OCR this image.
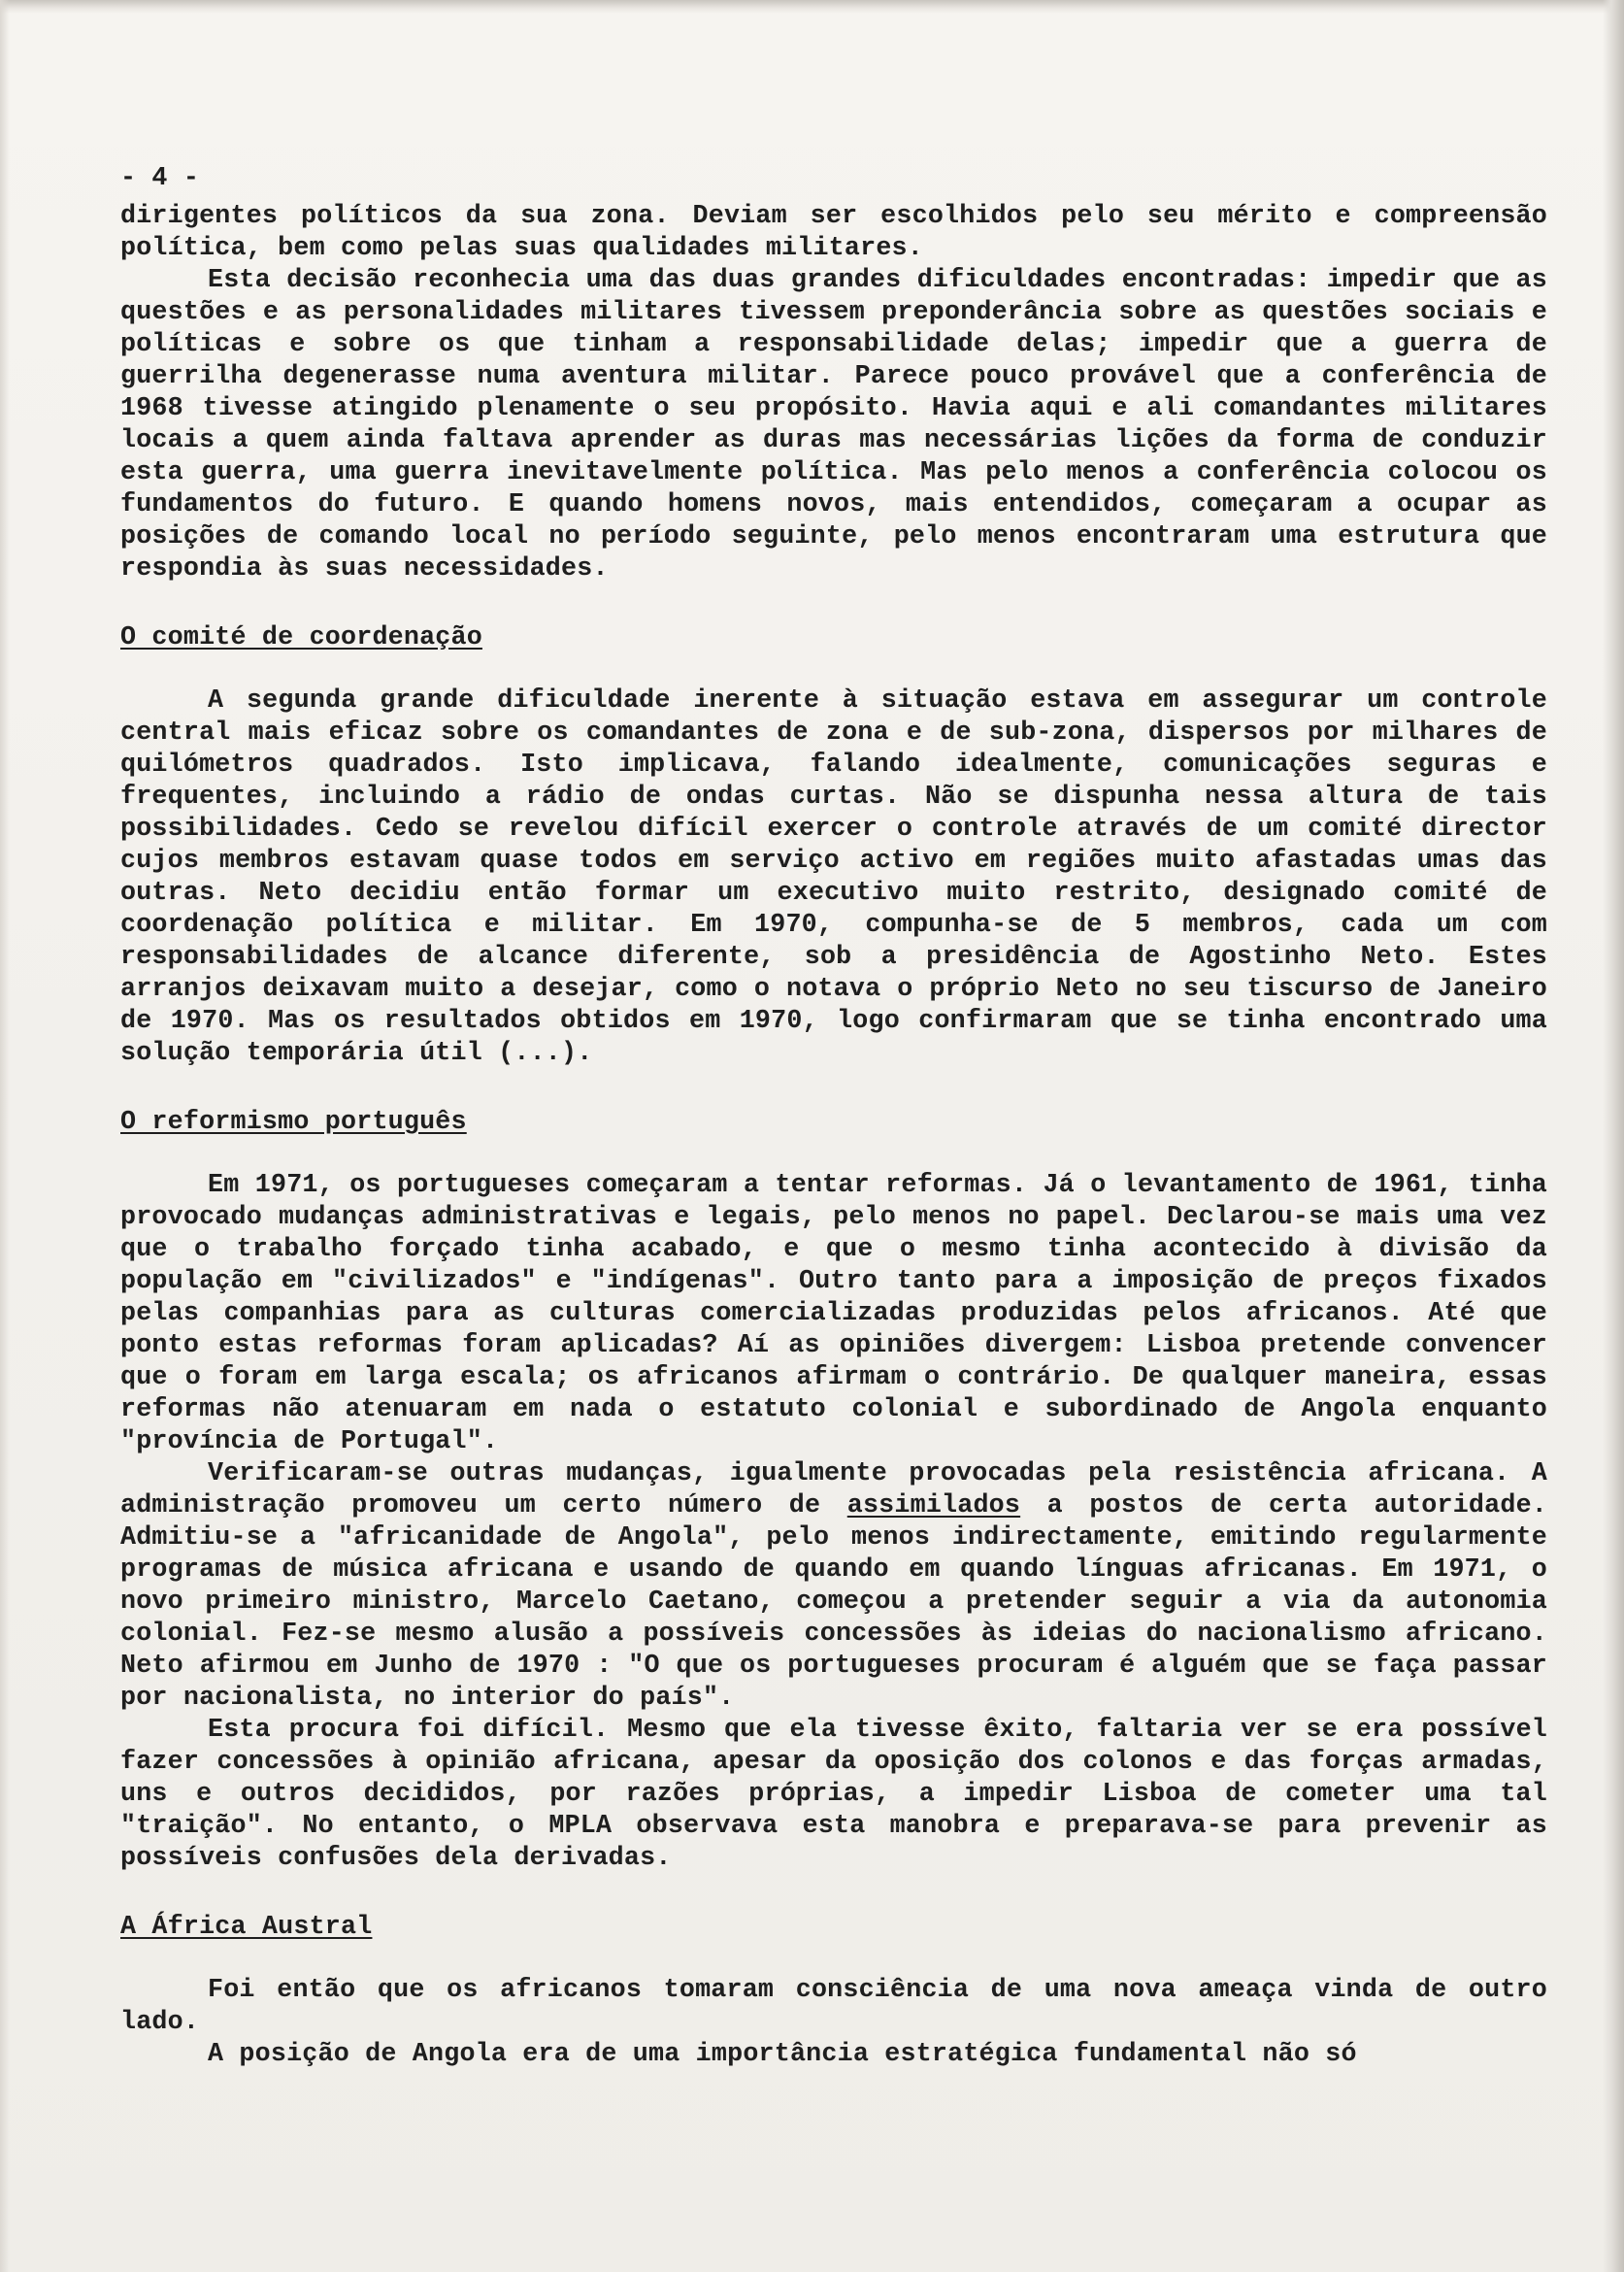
- 4 -

dirigentes políticos da sua zona. Deviam ser escolhidos pelo seu mérito e compreensão política, bem como pelas suas qualidades militares.

Esta decisão reconhecia uma das duas grandes dificuldades encontradas: impedir que as questões e as personalidades militares tivessem preponderância sobre as questões sociais e políticas e sobre os que tinham a responsabilidade delas; impedir que a guerra de guerrilha degenerasse numa aventura militar. Parece pouco provável que a conferência de 1968 tivesse atingido plenamente o seu propósito. Havia aqui e ali comandantes militares locais a quem ainda faltava aprender as duras mas necessárias lições da forma de conduzir esta guerra, uma guerra inevitavelmente política. Mas pelo menos a conferência colocou os fundamentos do futuro. E quando homens novos, mais entendidos, começaram a ocupar as posições de comando local no período seguinte, pelo menos encontraram uma estrutura que respondia às suas necessidades.

O comité de coordenação

A segunda grande dificuldade inerente à situação estava em assegurar um controle central mais eficaz sobre os comandantes de zona e de sub-zona, dispersos por milhares de quilómetros quadrados. Isto implicava, falando idealmente, comunicações seguras e frequentes, incluindo a rádio de ondas curtas. Não se dispunha nessa altura de tais possibilidades. Cedo se revelou difícil exercer o controle através de um comité director cujos membros estavam quase todos em serviço activo em regiões muito afastadas umas das outras. Neto decidiu então formar um executivo muito restrito, designado comité de coordenação política e militar. Em 1970, compunha-se de 5 membros, cada um com responsabilidades de alcance diferente, sob a presidência de Agostinho Neto. Estes arranjos deixavam muito a desejar, como o notava o próprio Neto no seu tiscurso de Janeiro de 1970. Mas os resultados obtidos em 1970, logo confirmaram que se tinha encontrado uma solução temporária útil (...).

O reformismo português

Em 1971, os portugueses começaram a tentar reformas. Já o levantamento de 1961, tinha provocado mudanças administrativas e legais, pelo menos no papel. Declarou-se mais uma vez que o trabalho forçado tinha acabado, e que o mesmo tinha acontecido à divisão da população em "civilizados" e "indígenas". Outro tanto para a imposição de preços fixados pelas companhias para as culturas comercializadas produzidas pelos africanos. Até que ponto estas reformas foram aplicadas? Aí as opiniões divergem: Lisboa pretende convencer que o foram em larga escala; os africanos afirmam o contrário. De qualquer maneira, essas reformas não atenuaram em nada o estatuto colonial e subordinado de Angola enquanto "província de Portugal".

Verificaram-se outras mudanças, igualmente provocadas pela resistência africana. A administração promoveu um certo número de assimilados a postos de certa autoridade. Admitiu-se a "africanidade de Angola", pelo menos indirectamente, emitindo regularmente programas de música africana e usando de quando em quando línguas africanas. Em 1971, o novo primeiro ministro, Marcelo Caetano, começou a pretender seguir a via da autonomia colonial. Fez-se mesmo alusão a possíveis concessões às ideias do nacionalismo africano. Neto afirmou em Junho de 1970 : "O que os portugueses procuram é alguém que se faça passar por nacionalista, no interior do país".

Esta procura foi difícil. Mesmo que ela tivesse êxito, faltaria ver se era possível fazer concessões à opinião africana, apesar da oposição dos colonos e das forças armadas, uns e outros decididos, por razões próprias, a impedir Lisboa de cometer uma tal "traição". No entanto, o MPLA observava esta manobra e preparava-se para prevenir as possíveis confusões dela derivadas.

A África Austral

Foi então que os africanos tomaram consciência de uma nova ameaça vinda de outro lado.

A posição de Angola era de uma importância estratégica fundamental não só
